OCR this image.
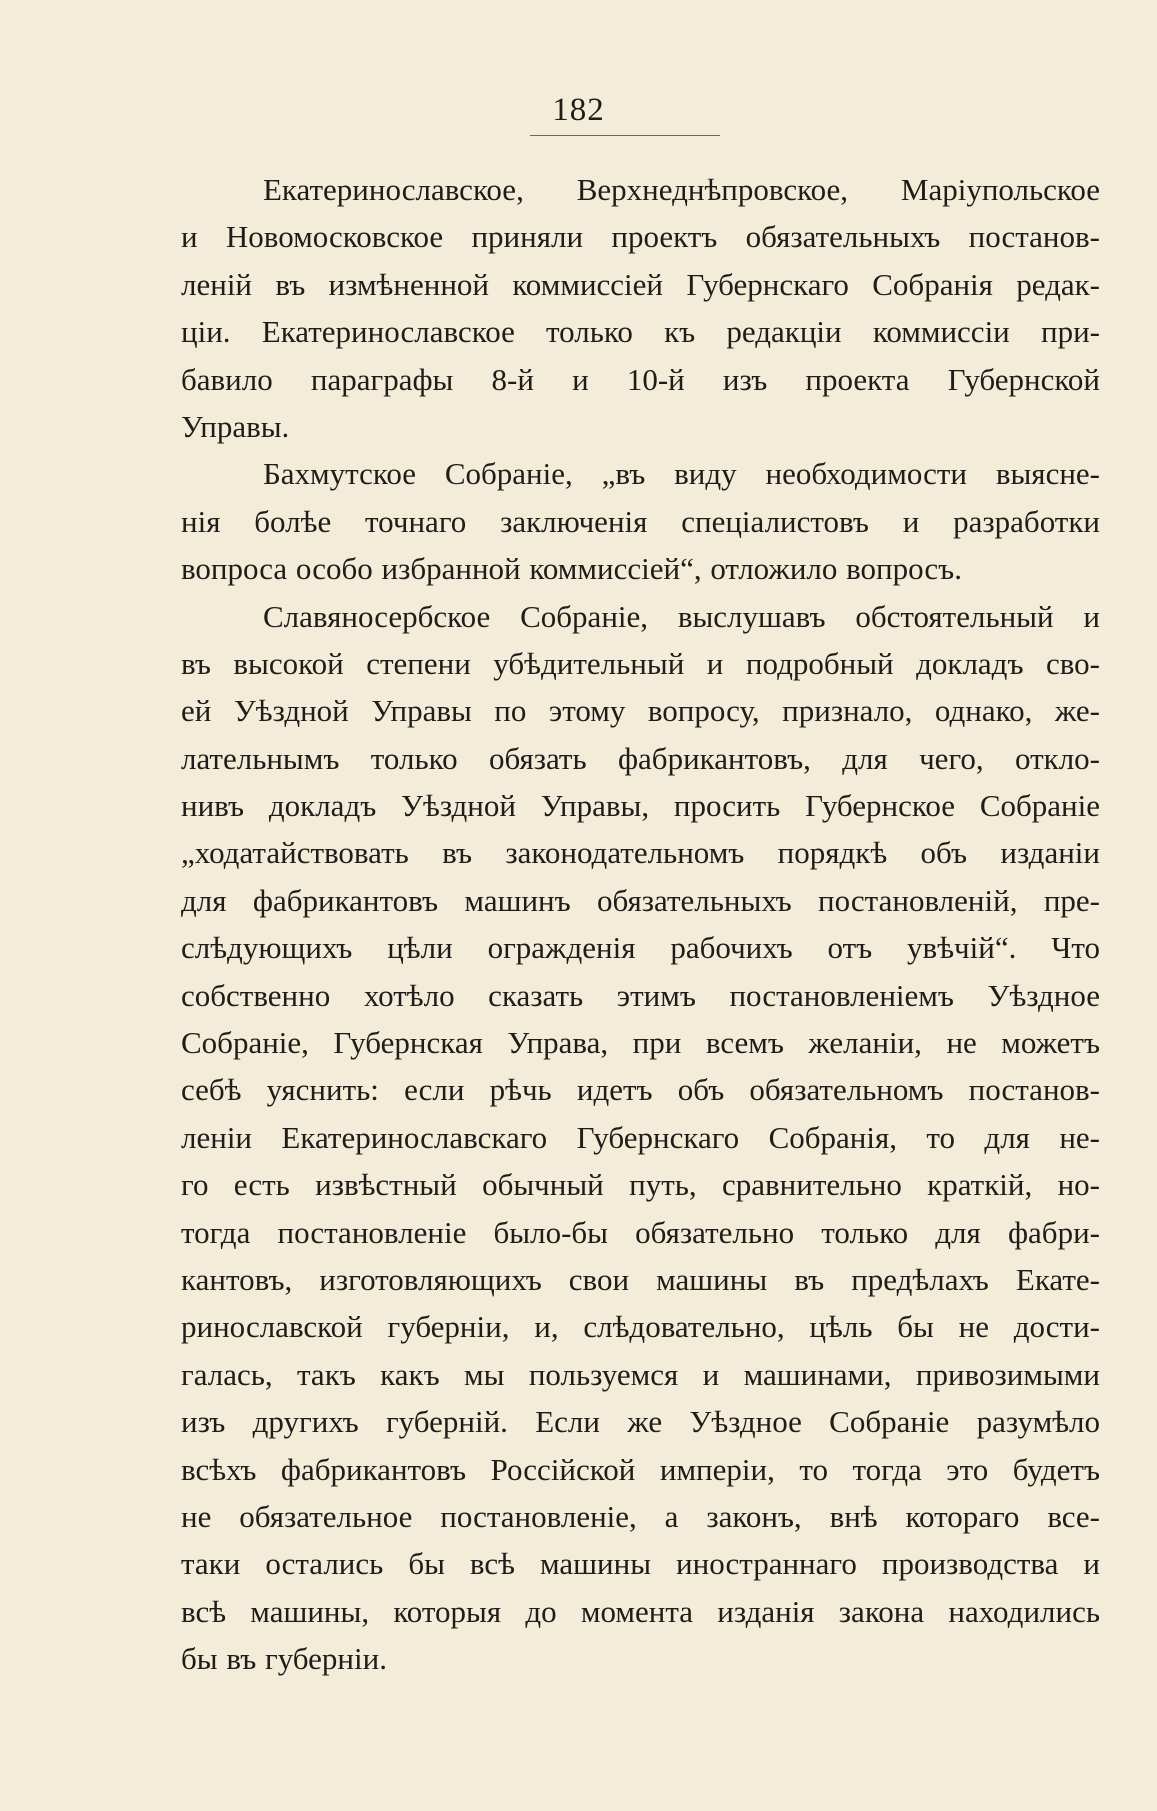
182
Екатеринославское, Верхнеднѣпровское, Маріупольское
и Новомосковское приняли проектъ обязательныхъ постанов-
леній въ измѣненной коммиссіей Губернскаго Собранія редак-
ціи. Екатеринославское только къ редакціи коммиссіи при-
бавило параграфы 8-й и 10-й изъ проекта Губернской
Управы.
Бахмутское Собраніе, „въ виду необходимости выясне-
нія болѣе точнаго заключенія спеціалистовъ и разработки
вопроса особо избранной коммиссіей“, отложило вопросъ.
Славяносербское Собраніе, выслушавъ обстоятельный и
въ высокой степени убѣдительный и подробный докладъ сво-
ей Уѣздной Управы по этому вопросу, признало, однако, же-
лательнымъ только обязать фабрикантовъ, для чего, откло-
нивъ докладъ Уѣздной Управы, просить Губернское Собраніе
„ходатайствовать въ законодательномъ порядкѣ объ изданіи
для фабрикантовъ машинъ обязательныхъ постановленій, пре-
слѣдующихъ цѣли огражденія рабочихъ отъ увѣчій“. Что
собственно хотѣло сказать этимъ постановленіемъ Уѣздное
Собраніе, Губернская Управа, при всемъ желаніи, не можетъ
себѣ уяснить: если рѣчь идетъ объ обязательномъ постанов-
леніи Екатеринославскаго Губернскаго Собранія, то для не-
го есть извѣстный обычный путь, сравнительно краткій, но-
тогда постановленіе было-бы обязательно только для фабри-
кантовъ, изготовляющихъ свои машины въ предѣлахъ Екате-
ринославской губерніи, и, слѣдовательно, цѣль бы не дости-
галась, такъ какъ мы пользуемся и машинами, привозимыми
изъ другихъ губерній. Если же Уѣздное Собраніе разумѣло
всѣхъ фабрикантовъ Россійской имперіи, то тогда это будетъ
не обязательное постановленіе, а законъ, внѣ котораго все-
таки остались бы всѣ машины иностраннаго производства и
всѣ машины, которыя до момента изданія закона находились
бы въ губерніи.
